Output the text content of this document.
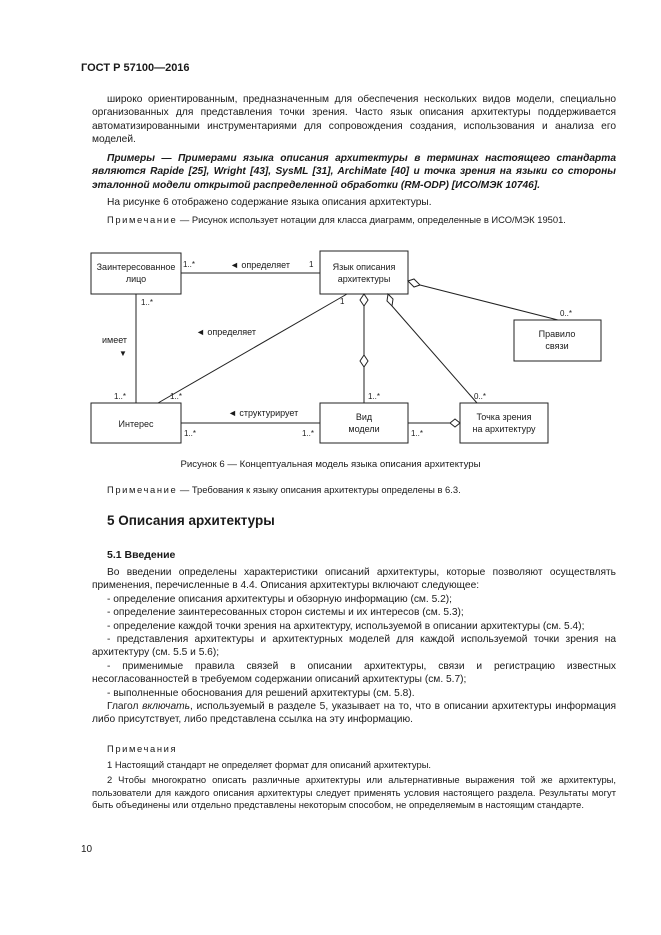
ГОСТ Р 57100—2016
широко ориентированным, предназначенным для обеспечения нескольких видов модели, специально организованных для представления точки зрения. Часто язык описания архитектуры поддерживается автоматизированными инструментариями для сопровождения создания, использования и анализа его моделей.
Примеры — Примерами языка описания архитектуры в терминах настоящего стандарта являются Rapide [25], Wright [43], SysML [31], ArchiMate [40] и точка зрения на языки со стороны эталонной модели открытой распределенной обработки (RM-ODP) [ИСО/МЭК 10746].
На рисунке 6 отображено содержание языка описания архитектуры.
Примечание — Рисунок использует нотации для класса диаграмм, определенные в ИСО/МЭК 19501.
Заинтересованное
лицо
Язык описания
архитектуры
Правило
связи
Интерес
Вид
модели
Точка зрения
на архитектуру
◄ определяет
◄ определяет
имеет
▼
◄ структурирует
1..*	1
1..*
0..*
1
1..*	1..*
1..*	1..*
1..*
1..*
0..*
Рисунок 6 — Концептуальная модель языка описания архитектуры
Примечание — Требования к языку описания архитектуры определены в 6.3.
5 Описания архитектуры
5.1 Введение
Во введении определены характеристики описаний архитектуры, которые позволяют осуществлять применения, перечисленные в 4.4. Описания архитектуры включают следующее:
- определение описания архитектуры и обзорную информацию (см. 5.2);
- определение заинтересованных сторон системы и их интересов (см. 5.3);
- определение каждой точки зрения на архитектуру, используемой в описании архитектуры (см. 5.4);
- представления архитектуры и архитектурных моделей для каждой используемой точки зрения на архитектуру (см. 5.5 и 5.6);
- применимые правила связей в описании архитектуры, связи и регистрацию известных несогласованностей в требуемом содержании описаний архитектуры (см. 5.7);
- выполненные обоснования для решений архитектуры (см. 5.8).
Глагол включать, используемый в разделе 5, указывает на то, что в описании архитектуры информация либо присутствует, либо представлена ссылка на эту информацию.
Примечания
1 Настоящий стандарт не определяет формат для описаний архитектуры.
2 Чтобы многократно описать различные архитектуры или альтернативные выражения той же архитектуры, пользователи для каждого описания архитектуры следует применять условия настоящего раздела. Результаты могут быть объединены или отдельно представлены некоторым способом, не определяемым в настоящим стандарте.
10
